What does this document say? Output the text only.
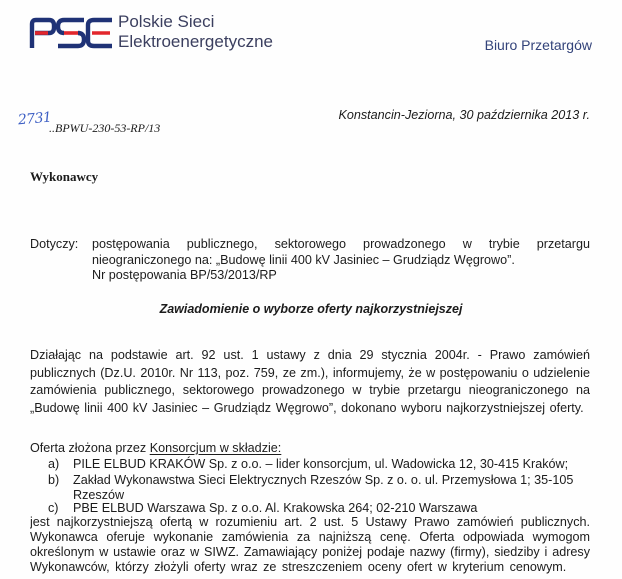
Polskie Sieci
Elektroenergetyczne	Biuro Przetargów
Konstancin-Jeziorna, 30 października 2013 r.
2731
..BPWU-230-53-RP/13
Wykonawcy
Dotyczy: postępowania publicznego, sektorowego prowadzonego w trybie przetargu
nieograniczonego na: „Budowę linii 400 kV Jasiniec – Grudziądz Węgrowo”.
Nr postępowania BP/53/2013/RP
Zawiadomienie o wyborze oferty najkorzystniejszej
Działając na podstawie art. 92 ust. 1 ustawy z dnia 29 stycznia 2004r. - Prawo zamówień
publicznych (Dz.U. 2010r. Nr 113, poz. 759, ze zm.), informujemy, że w postępowaniu o udzielenie
zamówienia publicznego, sektorowego prowadzonego w trybie przetargu nieograniczonego na
„Budowę linii 400 kV Jasiniec – Grudziądz Węgrowo”, dokonano wyboru najkorzystniejszej oferty.
Oferta złożona przez Konsorcjum w składzie:
a) PILE ELBUD KRAKÓW Sp. z o.o. – lider konsorcjum, ul. Wadowicka 12, 30-415 Kraków;
b) Zakład Wykonawstwa Sieci Elektrycznych Rzeszów Sp. z o. o. ul. Przemysłowa 1; 35-105
Rzeszów
c) PBE ELBUD Warszawa Sp. z o.o. Al. Krakowska 264; 02-210 Warszawa
jest najkorzystniejszą ofertą w rozumieniu art. 2 ust. 5 Ustawy Prawo zamówień publicznych.
Wykonawca oferuje wykonanie zamówienia za najniższą cenę. Oferta odpowiada wymogom
określonym w ustawie oraz w SIWZ. Zamawiający poniżej podaje nazwy (firmy), siedziby i adresy
Wykonawców, którzy złożyli oferty wraz ze streszczeniem oceny ofert w kryterium cenowym.
